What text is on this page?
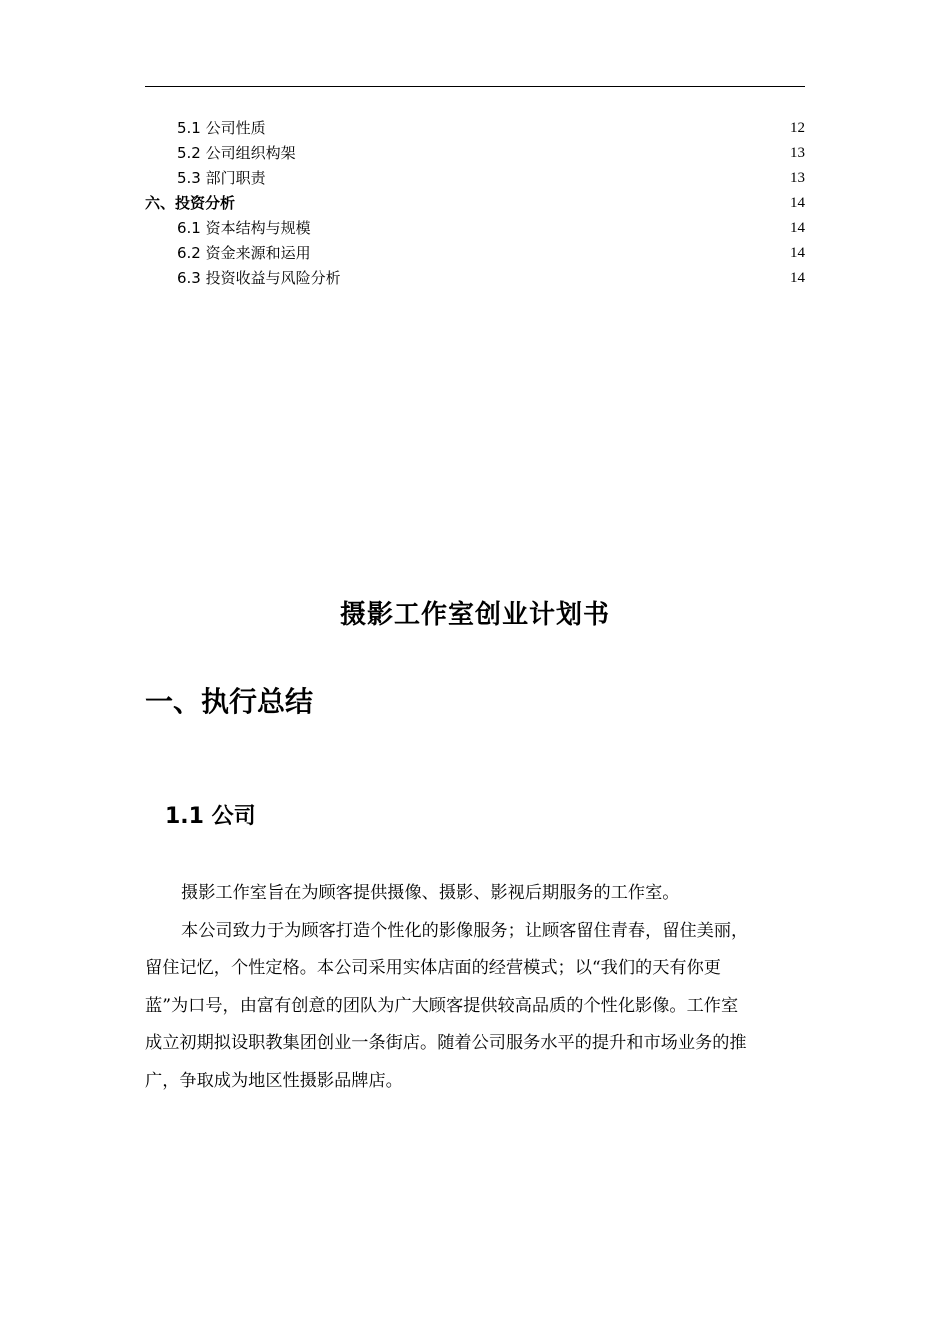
5.1 公司性质	12
5.2 公司组织构架	13
5.3 部门职责	13
六、投资分析	14
6.1 资本结构与规模	14
6.2 资金来源和运用	14
6.3 投资收益与风险分析	14
摄影工作室创业计划书
一、执行总结
1.1 公司
摄影工作室旨在为顾客提供摄像、摄影、影视后期服务的工作室。
本公司致力于为顾客打造个性化的影像服务；让顾客留住青春，留住美丽，
留住记忆，个性定格。本公司采用实体店面的经营模式；以“我们的天有你更
蓝”为口号，由富有创意的团队为广大顾客提供较高品质的个性化影像。工作室
成立初期拟设职教集团创业一条街店。随着公司服务水平的提升和市场业务的推
广，争取成为地区性摄影品牌店。
